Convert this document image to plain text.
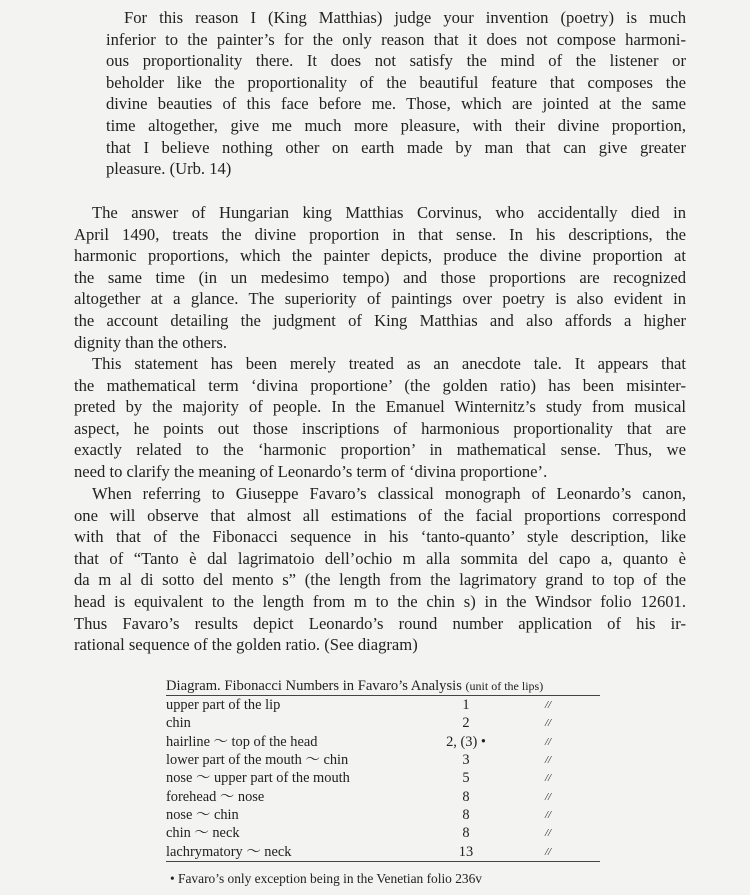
For this reason I (King Matthias) judge your invention (poetry) is much
inferior to the painter’s for the only reason that it does not compose harmoni-
ous proportionality there. It does not satisfy the mind of the listener or
beholder like the proportionality of the beautiful feature that composes the
divine beauties of this face before me. Those, which are jointed at the same
time altogether, give me much more pleasure, with their divine proportion,
that I believe nothing other on earth made by man that can give greater
pleasure. (Urb. 14)
The answer of Hungarian king Matthias Corvinus, who accidentally died in
April 1490, treats the divine proportion in that sense. In his descriptions, the
harmonic proportions, which the painter depicts, produce the divine proportion at
the same time (in un medesimo tempo) and those proportions are recognized
altogether at a glance. The superiority of paintings over poetry is also evident in
the account detailing the judgment of King Matthias and also affords a higher
dignity than the others.
This statement has been merely treated as an anecdote tale. It appears that
the mathematical term ‘divina proportione’ (the golden ratio) has been misinter-
preted by the majority of people. In the Emanuel Winternitz’s study from musical
aspect, he points out those inscriptions of harmonious proportionality that are
exactly related to the ‘harmonic proportion’ in mathematical sense. Thus, we
need to clarify the meaning of Leonardo’s term of ‘divina proportione’.
When referring to Giuseppe Favaro’s classical monograph of Leonardo’s canon,
one will observe that almost all estimations of the facial proportions correspond
with that of the Fibonacci sequence in his ‘tanto-quanto’ style description, like
that of “Tanto è dal lagrimatoio dell’ochio m alla sommita del capo a, quanto è
da m al di sotto del mento s” (the length from the lagrimatory grand to top of the
head is equivalent to the length from m to the chin s) in the Windsor folio 12601.
Thus Favaro’s results depict Leonardo’s round number application of his ir-
rational sequence of the golden ratio. (See diagram)
Diagram. Fibonacci Numbers in Favaro’s Analysis (unit of the lips)
upper part of the lip	1	//
chin	2	//
hairline ～ top of the head	2, (3) •	//
lower part of the mouth ～ chin	3	//
nose ～ upper part of the mouth	5	//
forehead ～ nose	8	//
nose ～ chin	8	//
chin ～ neck	8	//
lachrymatory ～ neck	13	//
• Favaro’s only exception being in the Venetian folio 236v
